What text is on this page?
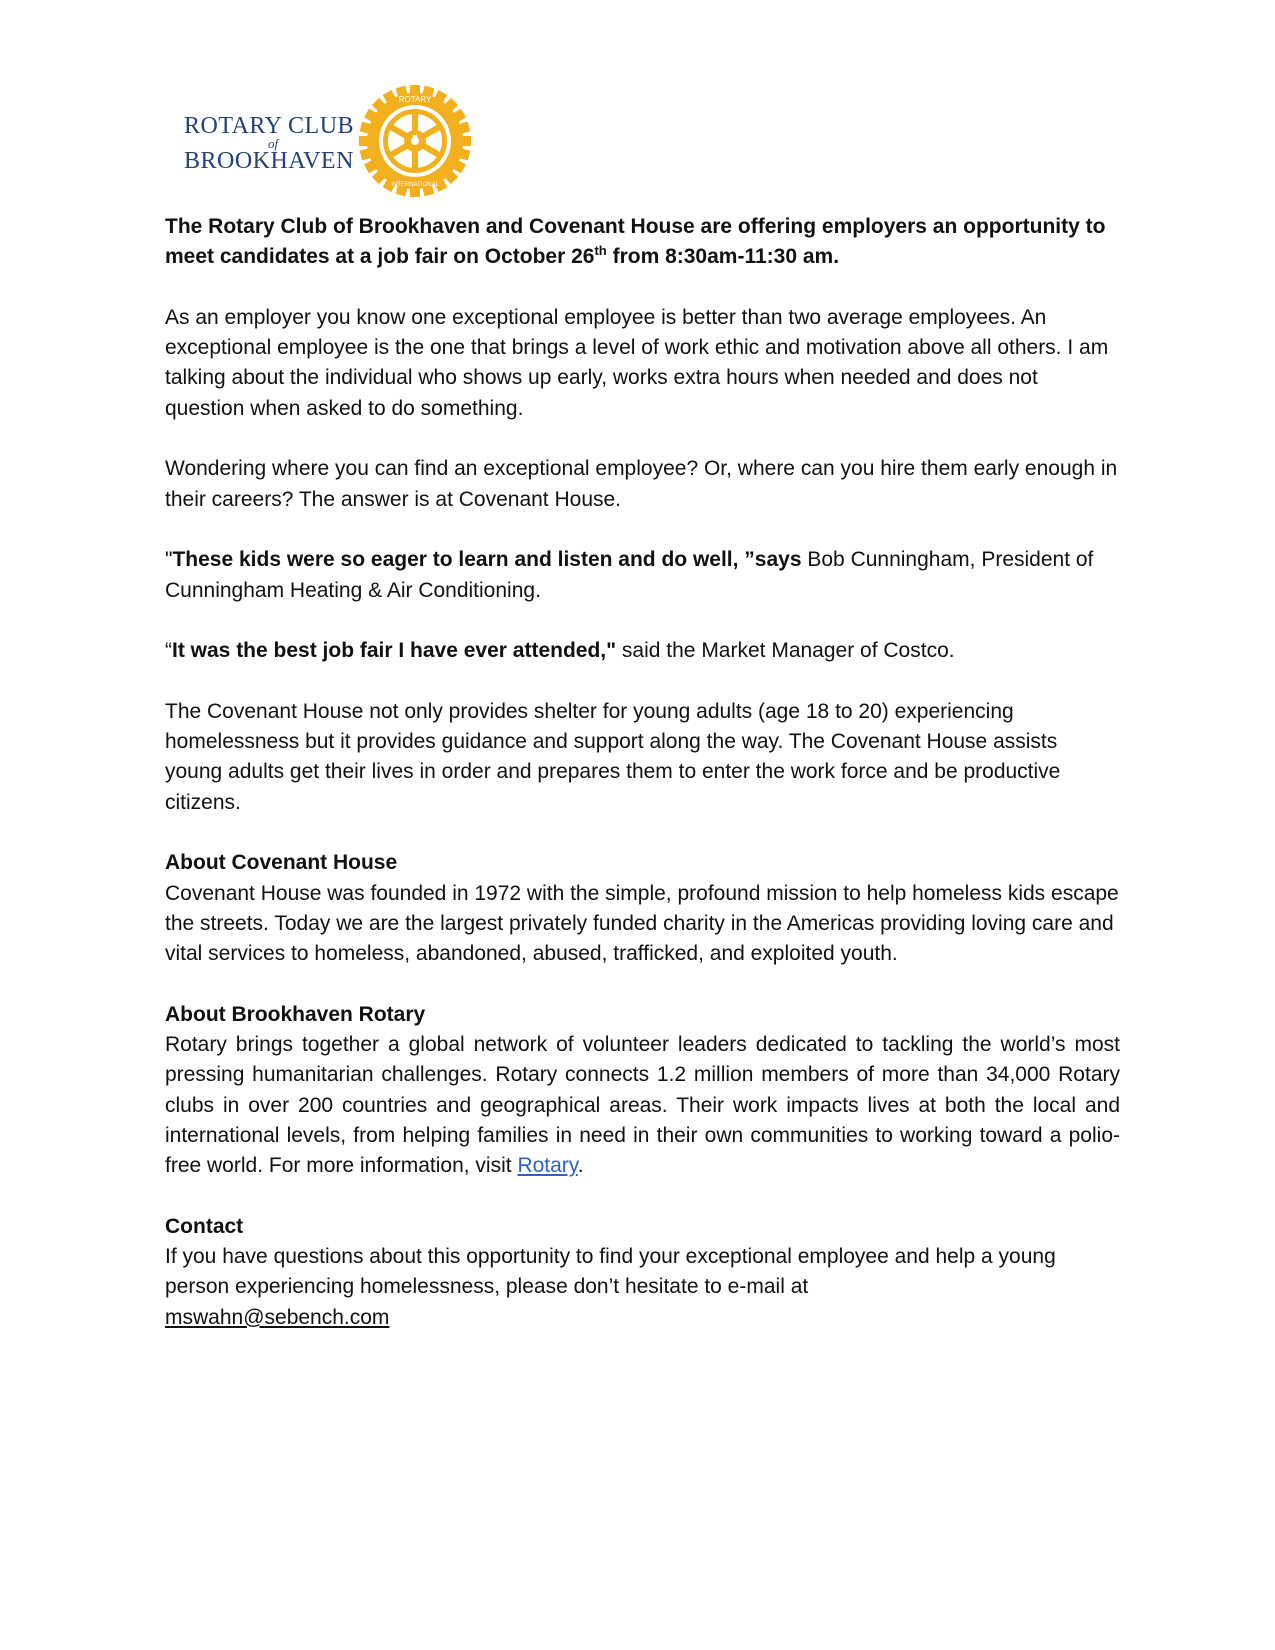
ROTARY CLUB
of
BROOKHAVEN
ROTARY
INTERNATIONAL

The Rotary Club of Brookhaven and Covenant House are offering employers an opportunity to meet candidates at a job fair on October 26th from 8:30am-11:30 am.

As an employer you know one exceptional employee is better than two average employees. An exceptional employee is the one that brings a level of work ethic and motivation above all others. I am talking about the individual who shows up early, works extra hours when needed and does not question when asked to do something.

Wondering where you can find an exceptional employee? Or, where can you hire them early enough in their careers? The answer is at Covenant House.

"These kids were so eager to learn and listen and do well, ”says Bob Cunningham, President of Cunningham Heating & Air Conditioning.

“It was the best job fair I have ever attended," said the Market Manager of Costco.

The Covenant House not only provides shelter for young adults (age 18 to 20) experiencing homelessness but it provides guidance and support along the way. The Covenant House assists young adults get their lives in order and prepares them to enter the work force and be productive citizens.

About Covenant House
Covenant House was founded in 1972 with the simple, profound mission to help homeless kids escape the streets. Today we are the largest privately funded charity in the Americas providing loving care and vital services to homeless, abandoned, abused, trafficked, and exploited youth.

About Brookhaven Rotary
Rotary brings together a global network of volunteer leaders dedicated to tackling the world’s most pressing humanitarian challenges. Rotary connects 1.2 million members of more than 34,000 Rotary clubs in over 200 countries and geographical areas. Their work impacts lives at both the local and international levels, from helping families in need in their own communities to working toward a polio-free world. For more information, visit Rotary.

Contact
If you have questions about this opportunity to find your exceptional employee and help a young person experiencing homelessness, please don’t hesitate to e-mail at
mswahn@sebench.com
